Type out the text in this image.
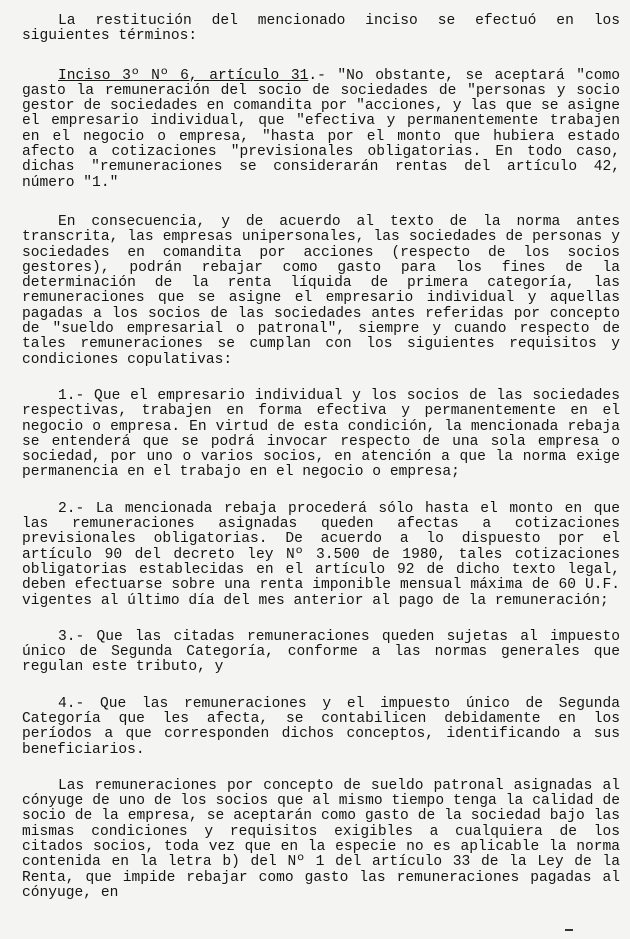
La restitución del mencionado inciso se efectuó en los siguientes términos:

Inciso 3º Nº 6, artículo 31.- "No obstante, se aceptará "como gasto la remuneración del socio de sociedades de "personas y socio gestor de sociedades en comandita por "acciones, y las que se asigne el empresario individual, que "efectiva y permanentemente trabajen en el negocio o empresa, "hasta por el monto que hubiera estado afecto a cotizaciones "previsionales obligatorias. En todo caso, dichas "remuneraciones se considerarán rentas del artículo 42, número "1."

En consecuencia, y de acuerdo al texto de la norma antes transcrita, las empresas unipersonales, las sociedades de personas y sociedades en comandita por acciones (respecto de los socios gestores), podrán rebajar como gasto para los fines de la determinación de la renta líquida de primera categoría, las remuneraciones que se asigne el empresario individual y aquellas pagadas a los socios de las sociedades antes referidas por concepto de "sueldo empresarial o patronal", siempre y cuando respecto de tales remuneraciones se cumplan con los siguientes requisitos y condiciones copulativas:

1.- Que el empresario individual y los socios de las sociedades respectivas, trabajen en forma efectiva y permanentemente en el negocio o empresa. En virtud de esta condición, la mencionada rebaja se entenderá que se podrá invocar respecto de una sola empresa o sociedad, por uno o varios socios, en atención a que la norma exige permanencia en el trabajo en el negocio o empresa;

2.- La mencionada rebaja procederá sólo hasta el monto en que las remuneraciones asignadas queden afectas a cotizaciones previsionales obligatorias. De acuerdo a lo dispuesto por el artículo 90 del decreto ley Nº 3.500 de 1980, tales cotizaciones obligatorias establecidas en el artículo 92 de dicho texto legal, deben efectuarse sobre una renta imponible mensual máxima de 60 U.F. vigentes al último día del mes anterior al pago de la remuneración;

3.- Que las citadas remuneraciones queden sujetas al impuesto único de Segunda Categoría, conforme a las normas generales que regulan este tributo, y

4.- Que las remuneraciones y el impuesto único de Segunda Categoría que les afecta, se contabilicen debidamente en los períodos a que corresponden dichos conceptos, identificando a sus beneficiarios.

Las remuneraciones por concepto de sueldo patronal asignadas al cónyuge de uno de los socios que al mismo tiempo tenga la calidad de socio de la empresa, se aceptarán como gasto de la sociedad bajo las mismas condiciones y requisitos exigibles a cualquiera de los citados socios, toda vez que en la especie no es aplicable la norma contenida en la letra b) del Nº 1 del artículo 33 de la Ley de la Renta, que impide rebajar como gasto las remuneraciones pagadas al cónyuge, en
